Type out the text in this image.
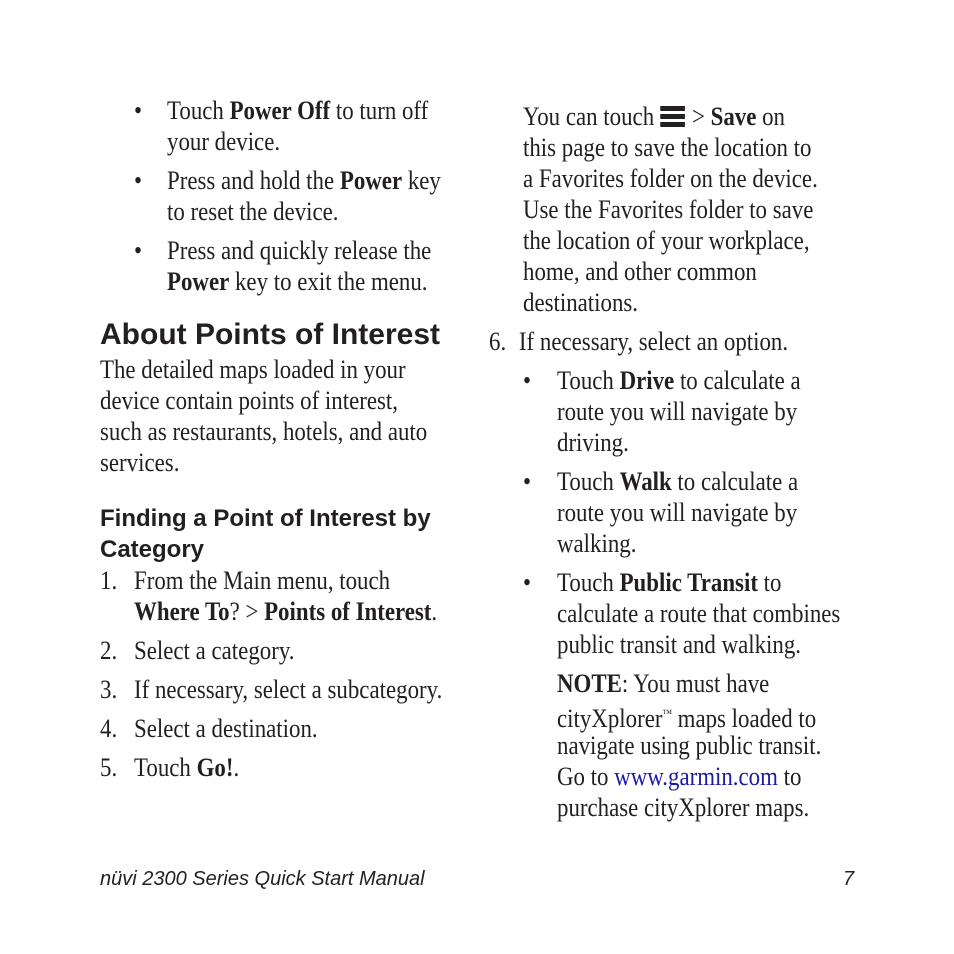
• Touch Power Off to turn off
your device.
• Press and hold the Power key
to reset the device.
• Press and quickly release the
Power key to exit the menu.
About Points of Interest
The detailed maps loaded in your
device contain points of interest,
such as restaurants, hotels, and auto
services.
Finding a Point of Interest by
Category
1. From the Main menu, touch
Where To? > Points of Interest.
2. Select a category.
3. If necessary, select a subcategory.
4. Select a destination.
5. Touch Go!.
You can touch
> Save on
this page to save the location to
a Favorites folder on the device.
Use the Favorites folder to save
the location of your workplace,
home, and other common
destinations.
6. If necessary, select an option.
• Touch Drive to calculate a
route you will navigate by
driving.
• Touch Walk to calculate a
route you will navigate by
walking.
• Touch Public Transit to
calculate a route that combines
public transit and walking.
NOTE: You must have
cityXplorer™ maps loaded to
navigate using public transit.
Go to www.garmin.com to
purchase cityXplorer maps.
nüvi 2300 Series Quick Start Manual	7
